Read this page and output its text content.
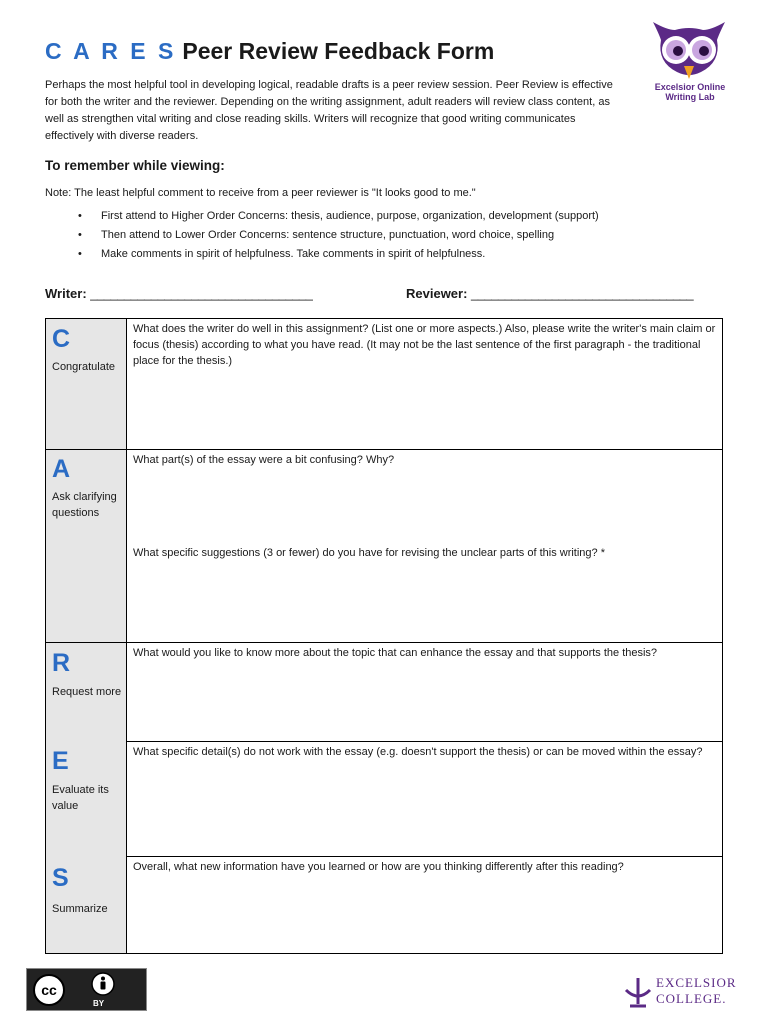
C A R E S Peer Review Feedback Form
Excelsior Online
Writing Lab
Perhaps the most helpful tool in developing logical, readable drafts is a peer review session. Peer Review is effective for both the writer and the reviewer. Depending on the writing assignment, adult readers will review class content, as well as strengthen vital writing and close reading skills. Writers will recognize that good writing communicates effectively with diverse readers.
To remember while viewing:
Note: The least helpful comment to receive from a peer reviewer is "It looks good to me."
• First attend to Higher Order Concerns: thesis, audience, purpose, organization, development (support)
• Then attend to Lower Order Concerns: sentence structure, punctuation, word choice, spelling
• Make comments in spirit of helpfulness. Take comments in spirit of helpfulness.
Writer: _________________________________	Reviewer: _________________________________
C
Congratulate
What does the writer do well in this assignment? (List one or more aspects.) Also, please write the writer's main claim or focus (thesis) according to what you have read. (It may not be the last sentence of the first paragraph - the traditional place for the thesis.)
A
Ask clarifying questions
What part(s) of the essay were a bit confusing? Why?
What specific suggestions (3 or fewer) do you have for revising the unclear parts of this writing? *
R
Request more
What would you like to know more about the topic that can enhance the essay and that supports the thesis?
E
Evaluate its value
What specific detail(s) do not work with the essay (e.g. doesn't support the thesis) or can be moved within the essay?
S
Summarize
Overall, what new information have you learned or how are you thinking differently after this reading?
cc
BY
EXCELSIOR
COLLEGE.
